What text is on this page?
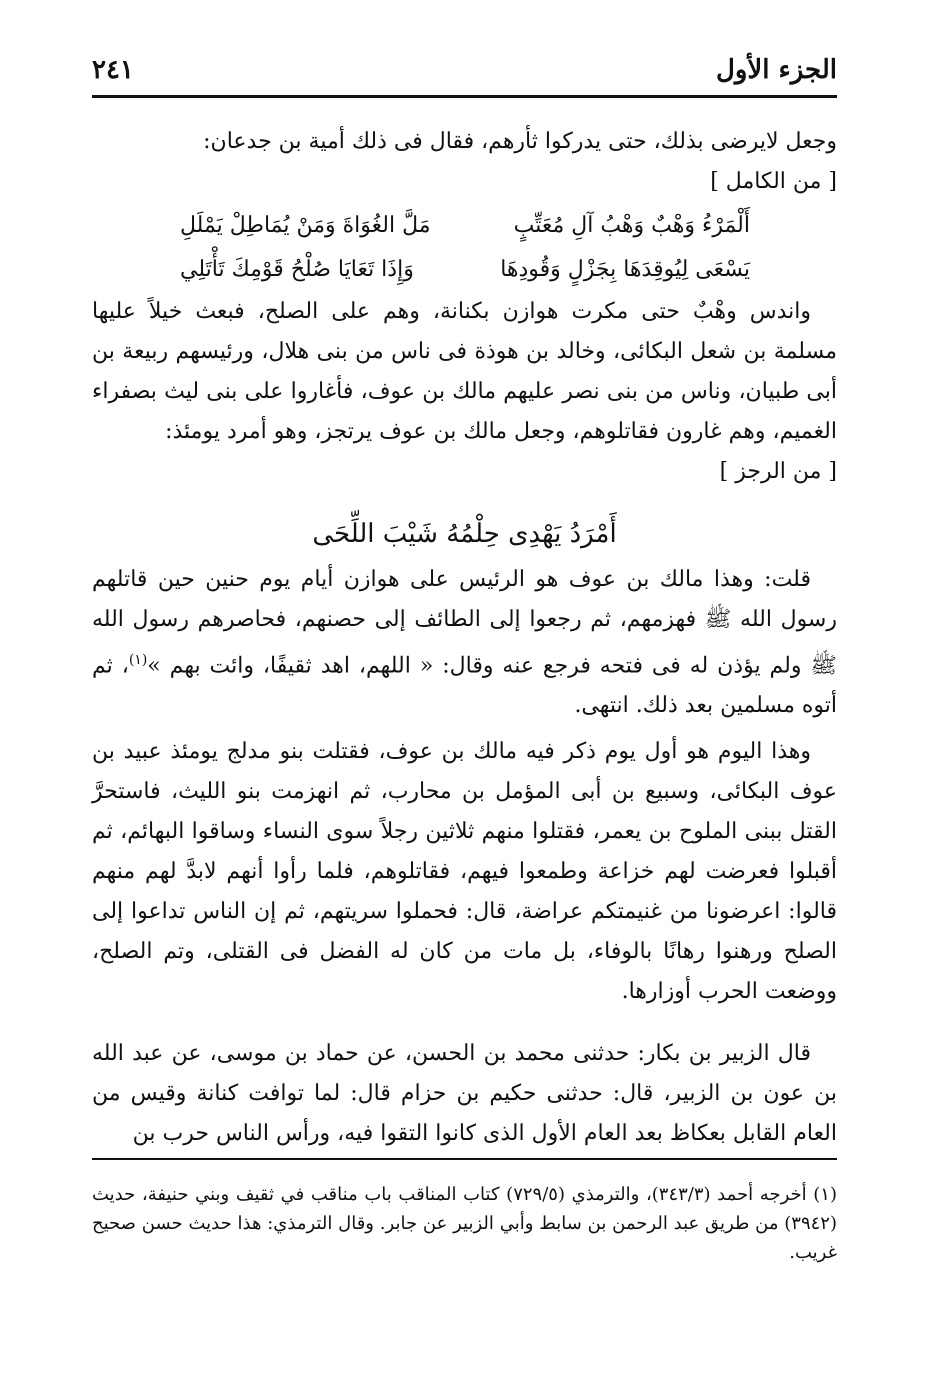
الجزء الأول
٢٤١

وجعل لايرضى بذلك، حتى يدركوا ثأرهم، فقال فى ذلك أمية بن جدعان:

[ من الكامل ]
أَلْمَرْءُ وَهْبٌ وَهْبُ آلِ مُعَتِّبٍ
مَلَّ الغُوَاةَ وَمَنْ يُمَاطِلْ يَمْلَلِ
يَسْعَى لِيُوقِدَهَا بِجَزْلٍ وَقُودِهَا
وَإِذَا تَعَايَا صُلْحُ قَوْمِكَ تَأْتَلِي

واندس وهْبٌ حتى مكرت هوازن بكنانة، وهم على الصلح، فبعث خيلاً عليها مسلمة بن شعل البكائى، وخالد بن هوذة فى ناس من بنى هلال، ورئيسهم ربيعة بن أبى طبيان، وناس من بنى نصر عليهم مالك بن عوف، فأغاروا على بنى ليث بصفراء الغميم، وهم غارون فقاتلوهم، وجعل مالك بن عوف يرتجز، وهو أمرد يومئذ:

[ من الرجز ]
أَمْرَدُ يَهْدِى حِلْمُهُ شَيْبَ اللِّحَى

قلت: وهذا مالك بن عوف هو الرئيس على هوازن أيام يوم حنين حين قاتلهم رسول الله ﷺ فهزمهم، ثم رجعوا إلى الطائف إلى حصنهم، فحاصرهم رسول الله ﷺ ولم يؤذن له فى فتحه فرجع عنه وقال: « اللهم، اهد ثقيفًا، وائت بهم »$^{(١)}$، ثم أتوه مسلمين بعد ذلك. انتهى.

وهذا اليوم هو أول يوم ذكر فيه مالك بن عوف، فقتلت بنو مدلج يومئذ عبيد بن عوف البكائى، وسبيع بن أبى المؤمل بن محارب، ثم انهزمت بنو الليث، فاستحرَّ القتل ببنى الملوح بن يعمر، فقتلوا منهم ثلاثين رجلاً سوى النساء وساقوا البهائم، ثم أقبلوا فعرضت لهم خزاعة وطمعوا فيهم، فقاتلوهم، فلما رأوا أنهم لابدَّ لهم منهم قالوا: اعرضونا من غنيمتكم عراضة، قال: فحملوا سريتهم، ثم إن الناس تداعوا إلى الصلح ورهنوا رهانًا بالوفاء، بل مات من كان له الفضل فى القتلى، وتم الصلح، ووضعت الحرب أوزارها.

قال الزبير بن بكار: حدثنى محمد بن الحسن، عن حماد بن موسى، عن عبد الله بن عون بن الزبير، قال: حدثنى حكيم بن حزام قال: لما توافت كنانة وقيس من العام القابل بعكاظ بعد العام الأول الذى كانوا التقوا فيه، ورأس الناس حرب بن

(١) أخرجه أحمد (٣٤٣/٣)، والترمذي (٧٢٩/٥) كتاب المناقب باب مناقب في ثقيف وبني حنيفة، حديث (٣٩٤٢) من طريق عبد الرحمن بن سابط وأبي الزبير عن جابر. وقال الترمذي: هذا حديث حسن صحيح غريب.
